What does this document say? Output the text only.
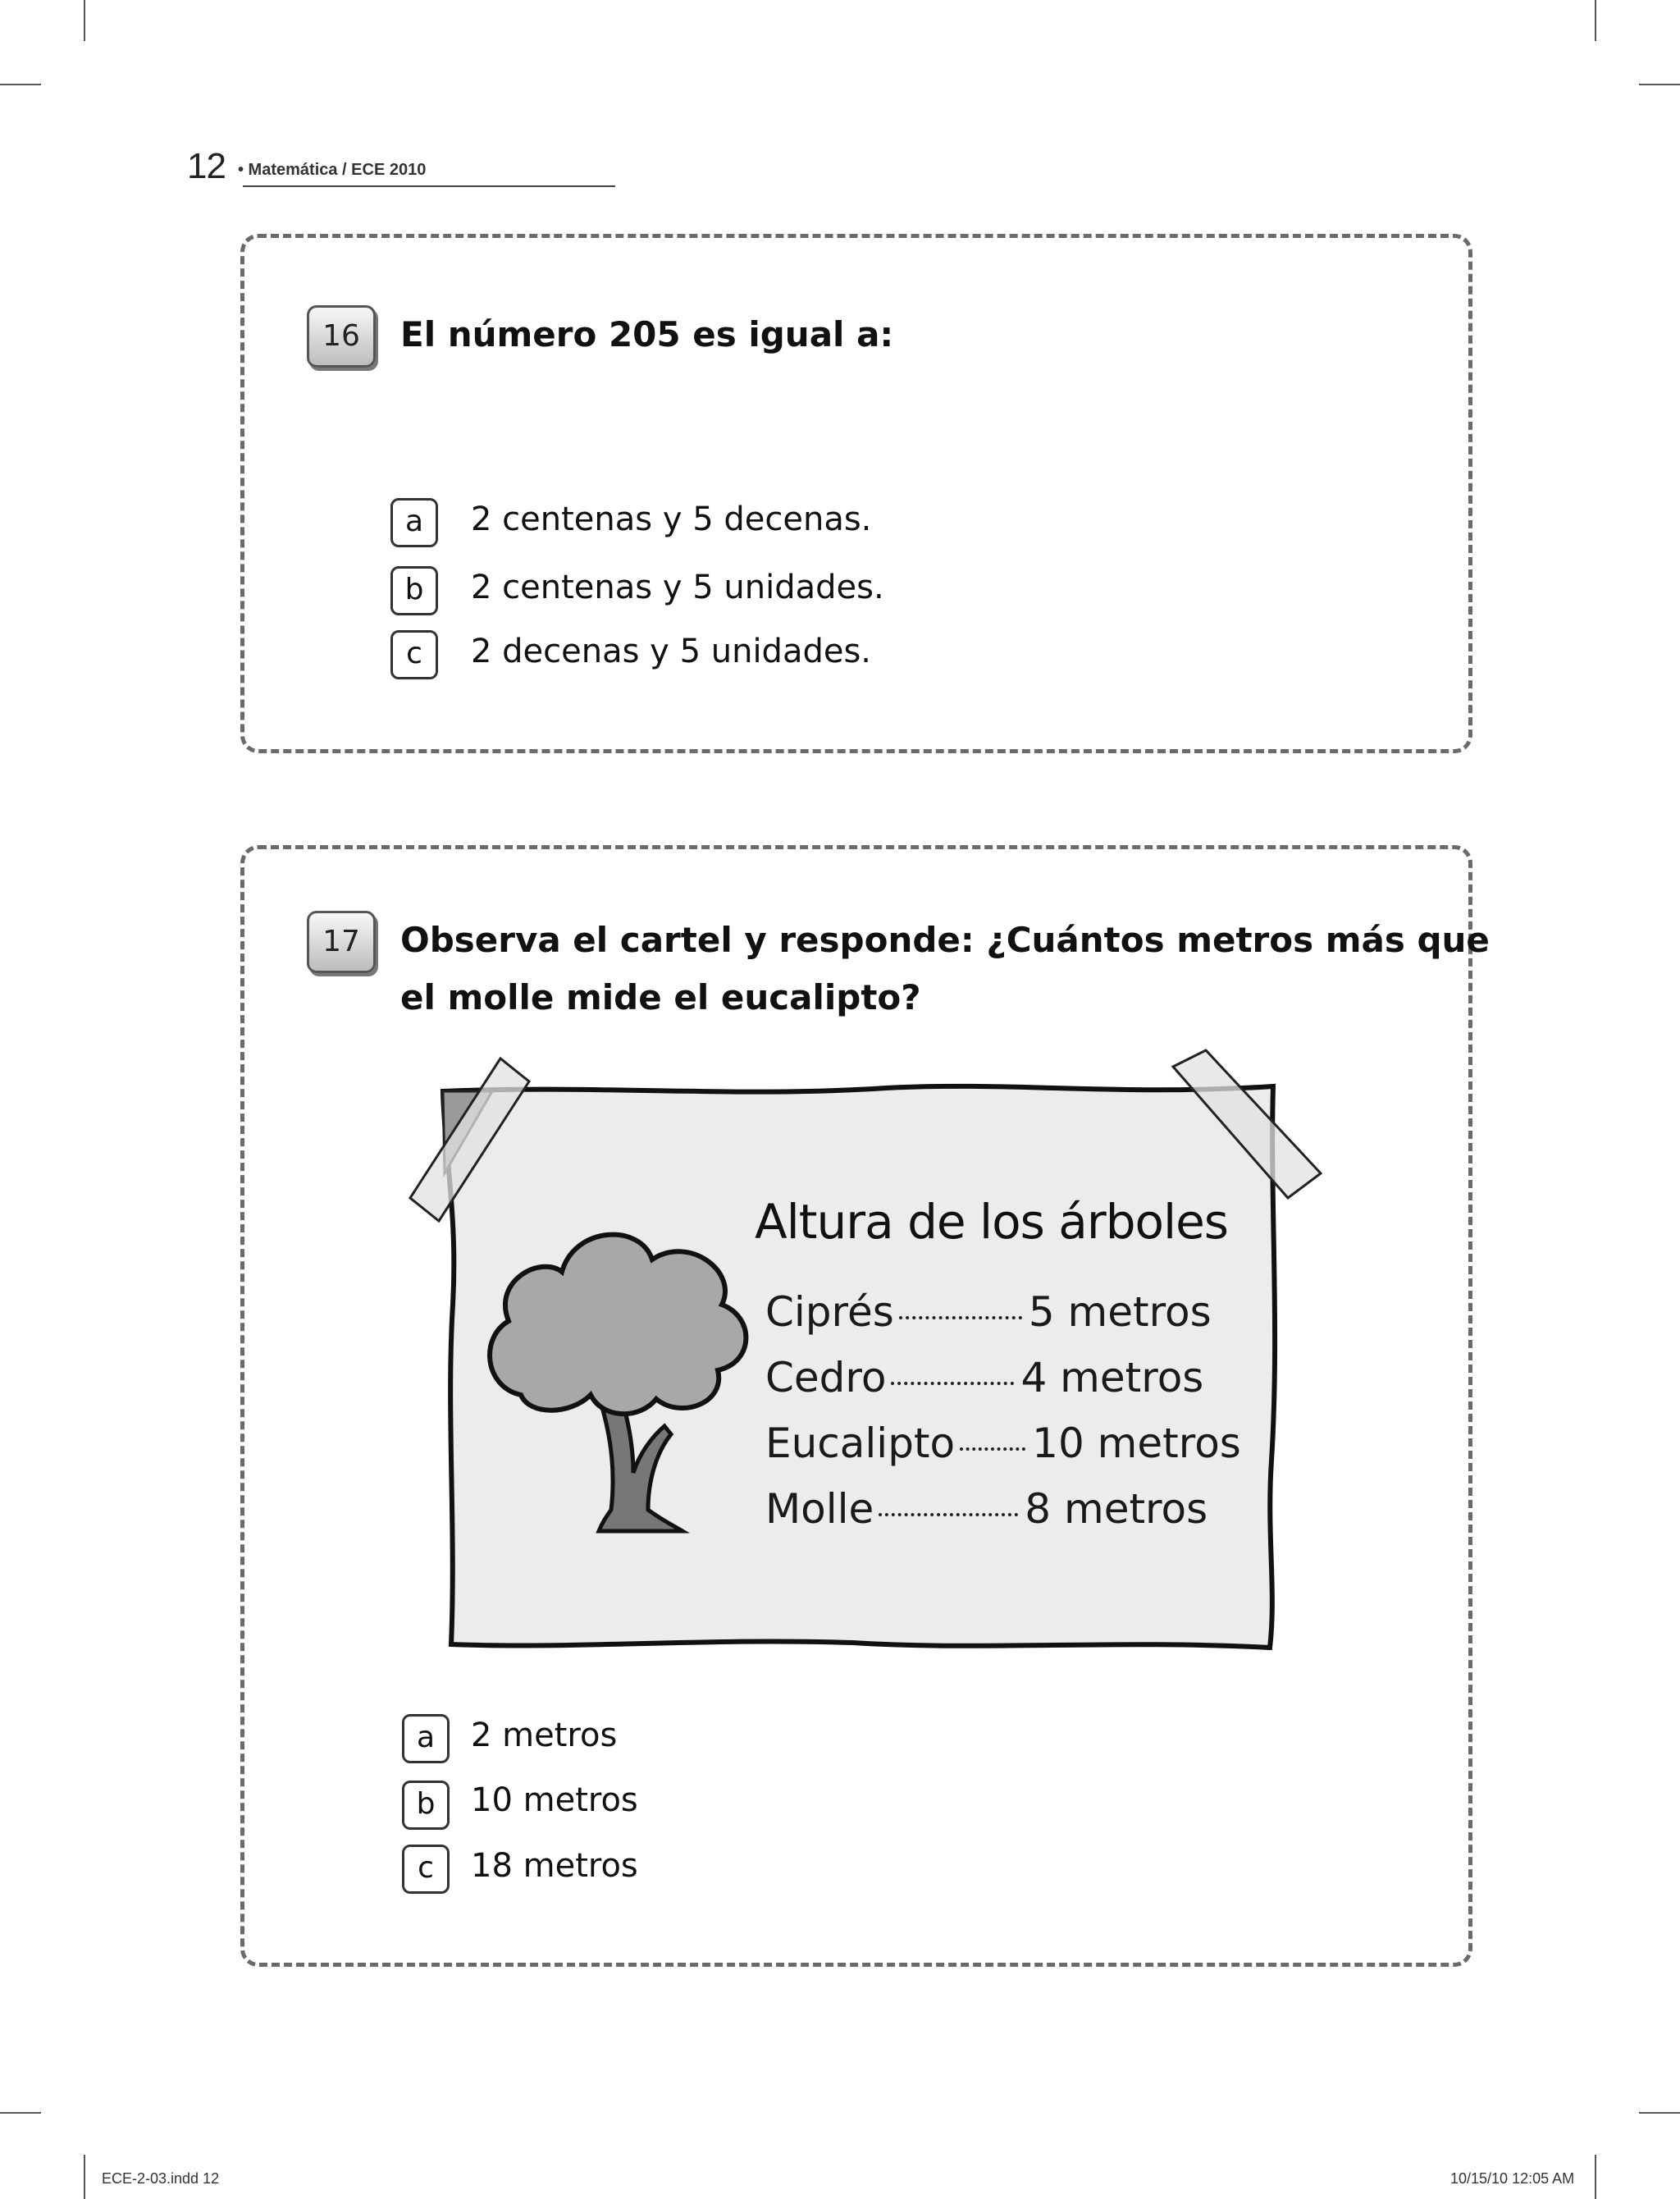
12 • Matemática / ECE 2010
16	El número 205 es igual a:
a	2 centenas y 5 decenas.
b	2 centenas y 5 unidades.
c	2 decenas y 5 unidades.
17	Observa el cartel y responde: ¿Cuántos metros más que
el molle mide el eucalipto?
Altura de los árboles
Ciprés	5 metros
Cedro	4 metros
Eucalipto 10 metros
Molle	8 metros
a	2 metros
b	10 metros
c	18 metros
ECE-2-03.indd 12	10/15/10 12:05 AM
